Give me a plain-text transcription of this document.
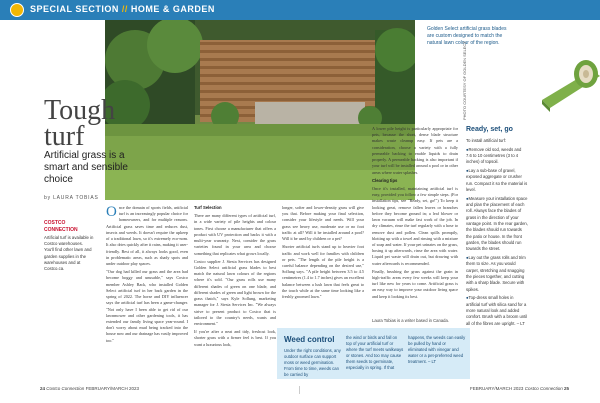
SPECIAL SECTION // HOME & GARDEN
Golden Select artificial grass blades are custom designed to match the natural lawn colour of the region.
PHOTO COURTESY OF GOLDEN SELECT
Tough
turf
Artificial grass is a smart and sensible choice
by LAURA TOBIAS
COSTCO
CONNECTION
Artificial turf is available in Costco warehouses. You'll find other lawn and garden supplies in the warehouses and at Costco.ca.

Once the domain of sports fields, artificial turf is an increasingly popular choice for homeowners, and for multiple reasons. Artificial grass saves time and reduces dust, insects and weeds. It doesn't require the upkeep of a traditional lawn, so it's extremely eco-nom. It also dries quickly after it rains, making it user-friendly. Best of all, it always looks good, even in problematic areas, such as shady spots and under outdoor play spaces.

"Our dog had killed our grass and the area had become boggy and unusable," says Costco member Ashley Back, who installed Golden Select artificial turf in her back garden in the spring of 2022. The horse and DIY influencer says the artificial turf has been a game-changer. "Not only have I been able to get rid of our lawnmower and other gardening tools, it has extended our family living space year-round. I don't worry about mud being tracked into the house now and our drainage has vastly improved too."

Turf Selection

There are many different types of artificial turf, in a wide variety of pile heights and colour tones. First choose a manufacturer that offers a product with UV protection and backs it with a multi-year warranty. Next, consider the grass varieties found in your area and choose something that replicates what grows locally.

Costco supplier J. Siesta Services has designed Golden Select artificial grass blades to best match the natural lawn colours of the regions where it's sold. "Our grass rolls use many different shades of green on one blade, and different shades of green and light brown for the grass thatch," says Kyle Sollung, marketing manager for J. Siesta Services Inc. "We always strive to present product to Costco that is tailored to the country's needs, wants and environment."

If you're after a neat and tidy, freshcut look, shorter grass with a firmer feel is best. If you want a luxurious look,

longer, softer and lower-density grass will give you that. Before making your final selection, consider your lifestyle and needs. Will your grass see heavy use, moderate use or no foot traffic at all? Will it be installed around a pool? Will it be used by children or a pet?

Shorter artificial turfs stand up to heavier foot traffic and work well for families with children or pets. "The length of the pile height is a careful balance depending on the desired use," Sollung says. "A pile height between 3.5 to 4.5 centimetres (1.4 to 1.7 inches) gives an excellent balance between a lush lawn that feels great to the touch while at the same time looking like a freshly groomed lawn."

A lower pile height is particularly appropriate for pets, because the short, dense blade structure makes waste cleanup easy. If pets are a consideration, choose a variety with a fully permeable backing to enable liquids to drain properly. A permeable backing is also important if your turf will be installed around a pool or in other areas where water splashes.

Clearing tips

Once it's installed, maintaining artificial turf is easy, provided you follow a few simple steps. (For installation tips, see "Ready, set, go!") To keep it looking great, remove fallen leaves or branches before they become ground in; a leaf blower or lawn vacuum will make fast work of the job. In dry climates, rinse the turf regularly with a hose to remove dust and pollen. Clean spills promptly, blotting up with a towel and rinsing with a mixture of soap and water. If your pet urinates on the grass, hosing it up afterwards, rinse the area with water. Liquid pet waste will drain out, but drawing with water afterwards is recommended.

Finally, brushing the grass against the grain in high-traffic areas every few weeks will keep your turf like new for years to come. Artificial grass is an easy way to improve your outdoor living space and keep it looking its best.

Laura Tobias is a writer based in Canada.
Weed control
Under the right conditions, any outdoor surface can support moss or weed germination. From time to time, weeds can be carried by
the wind or birds and fall on top of your artificial turf or where the turf meets walkways or stones. And too may cause them seeds to germinate, especially in spring. If that
happens, the weeds can easily be pulled by hand or eliminated with vinegar and water or a pet-preferred weed treatment. – LT
Ready, set, go
To install artificial turf:
● Remove old sod, weeds and 7.6 to 10 centimetres (3 to 4 inches) of topsoil.
● Lay a sub-base of gravel, exposed aggregate or crusher run. Compact it so the material is level.
● Measure your installation space and plan the placement of each roll. Always face the blades of grass in the direction of your vantage point. In the rear garden, the blades should run towards the patio or house. In the front garden, the blades should run towards the street.
● Lay out the grass rolls and trim them to size. As you would carpet, stretching and snagging the pieces together, and cutting with a sharp blade. Secure with spikes.
● Top-dress small holes in artificial turf with silica sand for a more natural look and added comfort. Brush with a broom until all of the fibres are upright. – LT
24 Costco Connection FEBRUARY/MARCH 2023	FEBRUARY/MARCH 2023 Costco Connection 25
